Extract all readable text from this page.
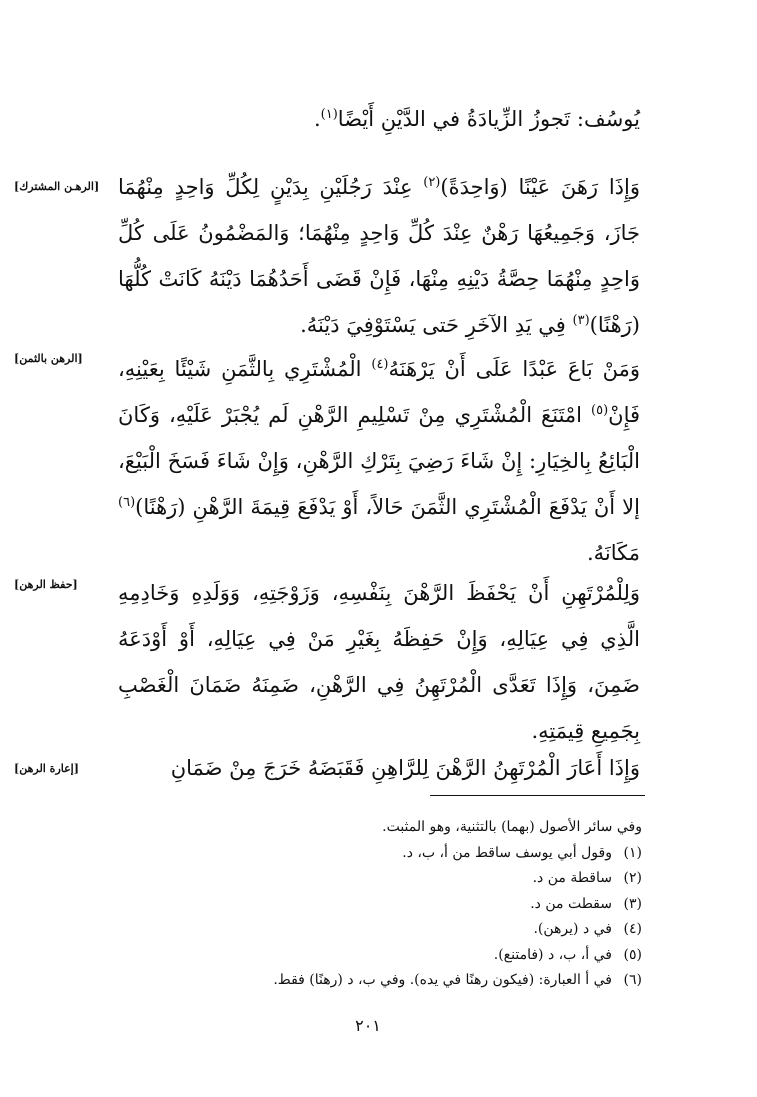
يُوسُف: تَجوزُ الزِّيادَةُ في الدَّيْنِ أَيْضًا$^{(١)}$.
وَإِذَا رَهَنَ عَيْنًا (وَاحِدَةً)$^{(٢)}$ عِنْدَ رَجُلَيْنِ بِدَيْنٍ لِكُلِّ وَاحِدٍ مِنْهُمَا جَازَ، وَجَمِيعُهَا رَهْنٌ عِنْدَ كُلِّ وَاحِدٍ مِنْهُمَا؛ وَالمَضْمُونُ عَلَى كُلِّ وَاحِدٍ مِنْهُمَا حِصَّةُ دَيْنِهِ مِنْهَا، فَإِنْ قَضَى أَحَدُهُمَا دَيْنَهُ كَانَتْ كُلُّهَا (رَهْنًا)$^{(٣)}$ فِي يَدِ الآخَرِ حَتى يَسْتَوْفِيَ دَيْنَهُ.
وَمَنْ بَاعَ عَبْدًا عَلَى أَنْ يَرْهَنَهُ$^{(٤)}$ الْمُشْتَرِي بِالثَّمَنِ شَيْئًا بِعَيْنِهِ، فَإِنْ$^{(٥)}$ امْتَنَعَ الْمُشْتَرِي مِنْ تَسْلِيمِ الرَّهْنِ لَم يُجْبَرْ عَلَيْهِ، وَكَانَ الْبَائِعُ بِالخِيَارِ: إِنْ شَاءَ رَضِيَ بِتَرْكِ الرَّهْنِ، وَإِنْ شَاءَ فَسَخَ الْبَيْعَ، إلا أَنْ يَدْفَعَ الْمُشْتَرِي الثَّمَنَ حَالاً، أَوْ يَدْفَعَ قِيمَةَ الرَّهْنِ (رَهْنًا)$^{(٦)}$ مَكَانَهُ.
وَلِلْمُرْتَهِنِ أَنْ يَحْفَظَ الرَّهْنَ بِنَفْسِهِ، وَزَوْجَتِهِ، وَوَلَدِهِ وَخَادِمِهِ الَّذِي فِي عِيَالِهِ، وَإِنْ حَفِظَهُ بِغَيْرِ مَنْ فِي عِيَالِهِ، أَوْ أَوْدَعَهُ ضَمِنَ، وَإِذَا تَعَدَّى الْمُرْتَهِنُ فِي الرَّهْنِ، ضَمِنَهُ ضَمَانَ الْغَصْبِ بِجَمِيعِ قِيمَتِهِ.
وَإِذَا أَعَارَ الْمُرْتَهِنُ الرَّهْنَ لِلرَّاهِنِ فَقَبَضَهُ خَرَجَ مِنْ ضَمَانِ
[الرهـن المشترك]
[الرهن بالثمن]
[حفظ الرهن]
[إعارة الرهن]
وفي سائر الأصول (بهما) بالتثنية، وهو المثبت.
(١)وقول أبي يوسف ساقط من أ، ب، د.
(٢)ساقطة من د.
(٣)سقطت من د.
(٤)في د (يرهن).
(٥)في أ، ب، د (فامتنع).
(٦)في أ العبارة: (فيكون رهنًا في يده). وفي ب، د (رهنًا) فقط.
٢٠١
